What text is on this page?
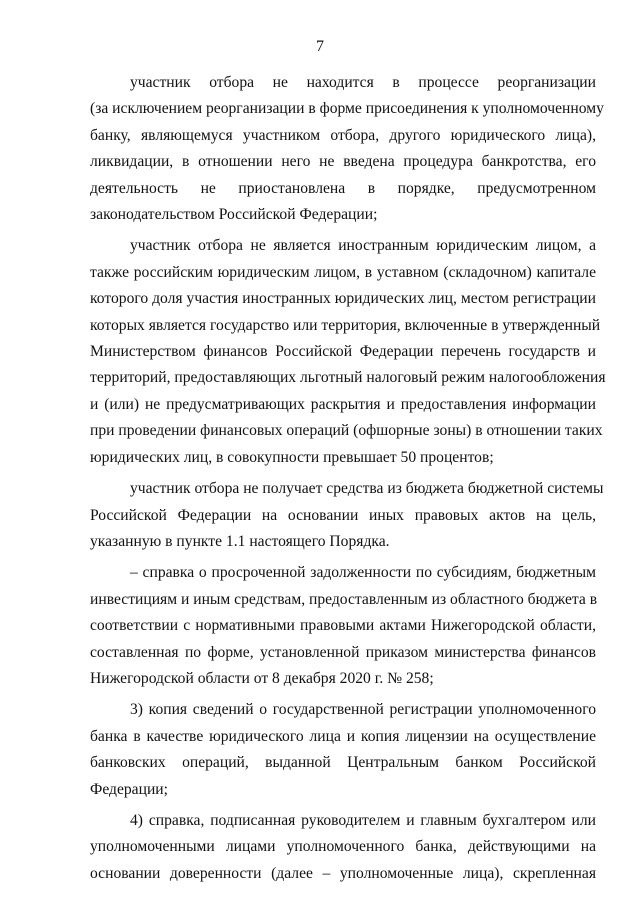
7
участник отбора не находится в процессе реорганизации
(за исключением реорганизации в форме присоединения к уполномоченному
банку, являющемуся участником отбора, другого юридического лица),
ликвидации, в отношении него не введена процедура банкротства, его
деятельность не приостановлена в порядке, предусмотренном
законодательством Российской Федерации;
участник отбора не является иностранным юридическим лицом, а
также российским юридическим лицом, в уставном (складочном) капитале
которого доля участия иностранных юридических лиц, местом регистрации
которых является государство или территория, включенные в утвержденный
Министерством финансов Российской Федерации перечень государств и
территорий, предоставляющих льготный налоговый режим налогообложения
и (или) не предусматривающих раскрытия и предоставления информации
при проведении финансовых операций (офшорные зоны) в отношении таких
юридических лиц, в совокупности превышает 50 процентов;
участник отбора не получает средства из бюджета бюджетной системы
Российской Федерации на основании иных правовых актов на цель,
указанную в пункте 1.1 настоящего Порядка.
– справка о просроченной задолженности по субсидиям, бюджетным
инвестициям и иным средствам, предоставленным из областного бюджета в
соответствии с нормативными правовыми актами Нижегородской области,
составленная по форме, установленной приказом министерства финансов
Нижегородской области от 8 декабря 2020 г. № 258;
3) копия сведений о государственной регистрации уполномоченного
банка в качестве юридического лица и копия лицензии на осуществление
банковских операций, выданной Центральным банком Российской
Федерации;
4) справка, подписанная руководителем и главным бухгалтером или
уполномоченными лицами уполномоченного банка, действующими на
основании доверенности (далее – уполномоченные лица), скрепленная
